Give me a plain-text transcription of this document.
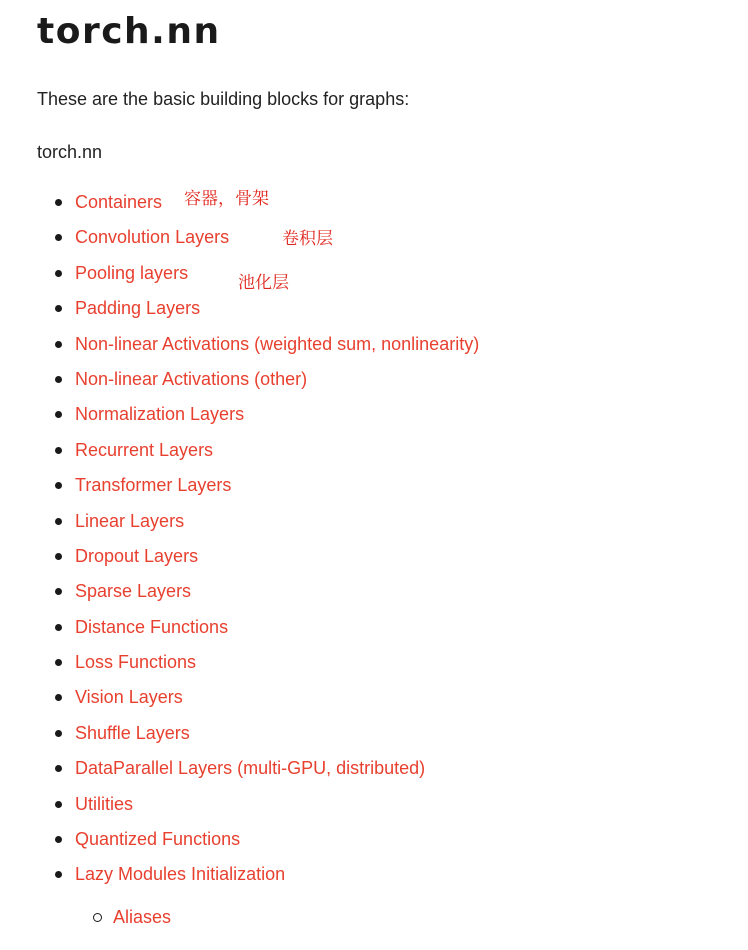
torch.nn

These are the basic building blocks for graphs:

torch.nn

Containers
Convolution Layers
Pooling layers
Padding Layers
Non-linear Activations (weighted sum, nonlinearity)
Non-linear Activations (other)
Normalization Layers
Recurrent Layers
Transformer Layers
Linear Layers
Dropout Layers
Sparse Layers
Distance Functions
Loss Functions
Vision Layers
Shuffle Layers
DataParallel Layers (multi-GPU, distributed)
Utilities
Quantized Functions
Lazy Modules Initialization
Aliases

容器，骨架

卷积层

池化层
